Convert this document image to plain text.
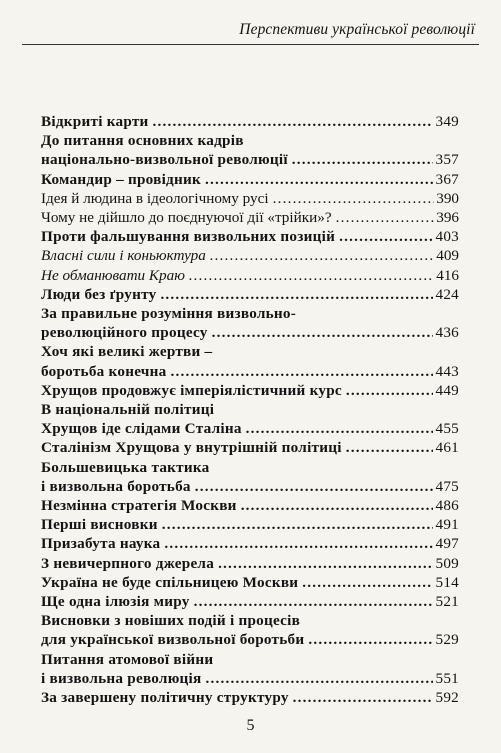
Перспективи української революції
Відкриті карти .....	349
До питання основних кадрів
національно-визвольної революції .....	357
Командир – провідник .....	367
Ідея й людина в ідеологічному русі .....	390
Чому не дійшло до поєднуючої дії «трійки»? .....	396
Проти фальшування визвольних позицій .....	403
Власні сили і коньюктура .....	409
Не обманювати Краю .....	416
Люди без ґрунту .....	424
За правильне розуміння визвольно-
революційного процесу .....	436
Хоч які великі жертви –
боротьба конечна .....	443
Хрущов продовжує імперіялістичний курс .....	449
В національній політиці
Хрущов іде слідами Сталіна .....	455
Сталінізм Хрущова у внутрішній політиці .....	461
Большевицька тактика
і визвольна боротьба .....	475
Незмінна стратегія Москви .....	486
Перші висновки .....	491
Призабута наука .....	497
З невичерпного джерела .....	509
Україна не буде спільницею Москви .....	514
Ще одна ілюзія миру .....	521
Висновки з новіших подій і процесів
для української визвольної боротьби .....	529
Питання атомової війни
і визвольна революція .....	551
За завершену політичну структуру .....	592
5
